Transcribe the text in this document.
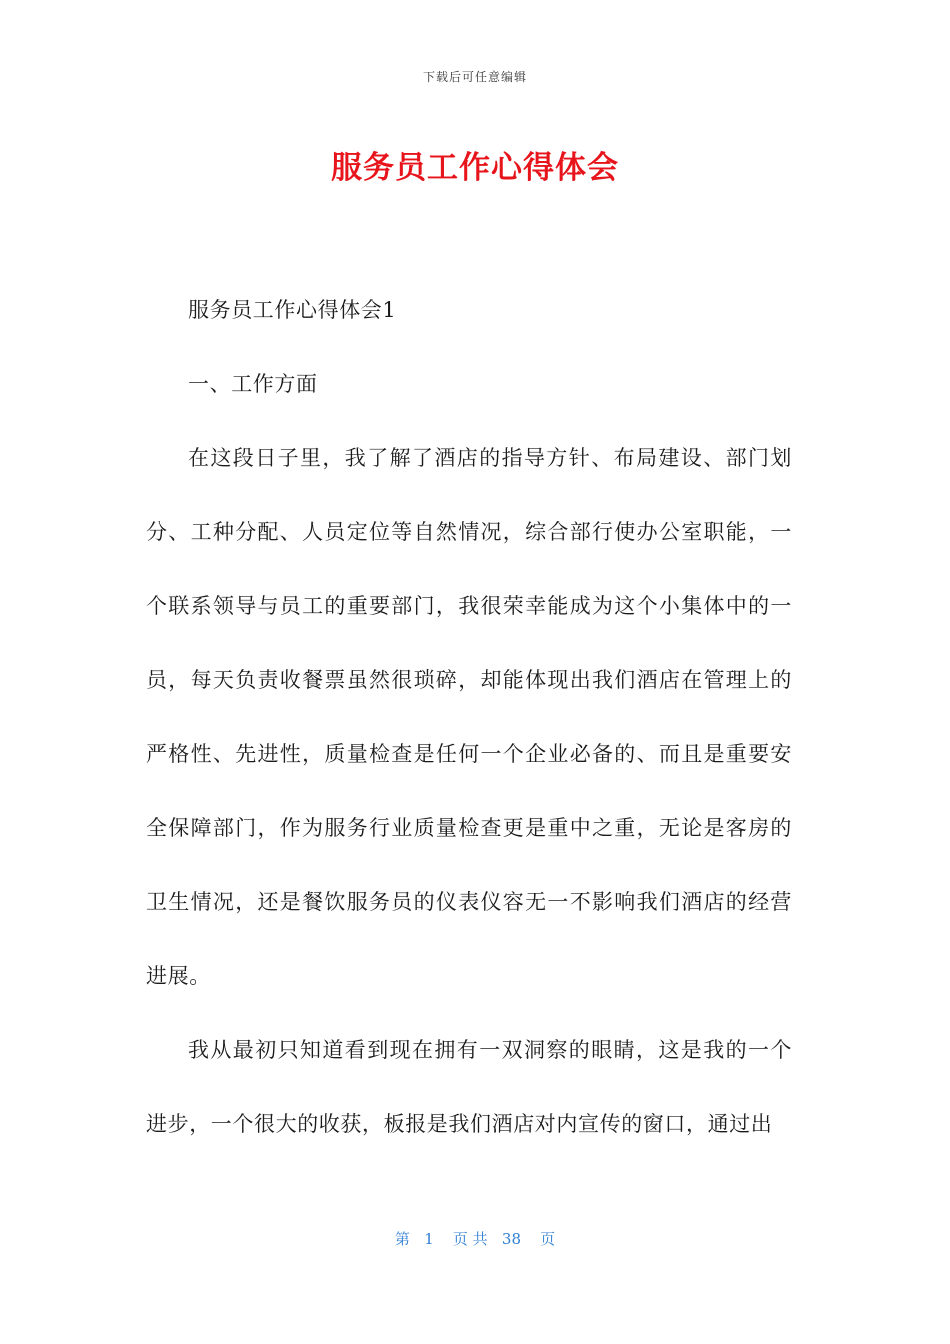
下载后可任意编辑
服务员工作心得体会

服务员工作心得体会1

一、工作方面

在这段日子里，我了解了酒店的指导方针、布局建设、部门划分、工种分配、人员定位等自然情况，综合部行使办公室职能，一个联系领导与员工的重要部门，我很荣幸能成为这个小集体中的一员，每天负责收餐票虽然很琐碎，却能体现出我们酒店在管理上的严格性、先进性，质量检查是任何一个企业必备的、而且是重要安全保障部门，作为服务行业质量检查更是重中之重，无论是客房的卫生情况，还是餐饮服务员的仪表仪容无一不影响我们酒店的经营进展。

我从最初只知道看到现在拥有一双洞察的眼睛，这是我的一个进步，一个很大的收获，板报是我们酒店对内宣传的窗口，通过出

第   1    页 共   38    页
